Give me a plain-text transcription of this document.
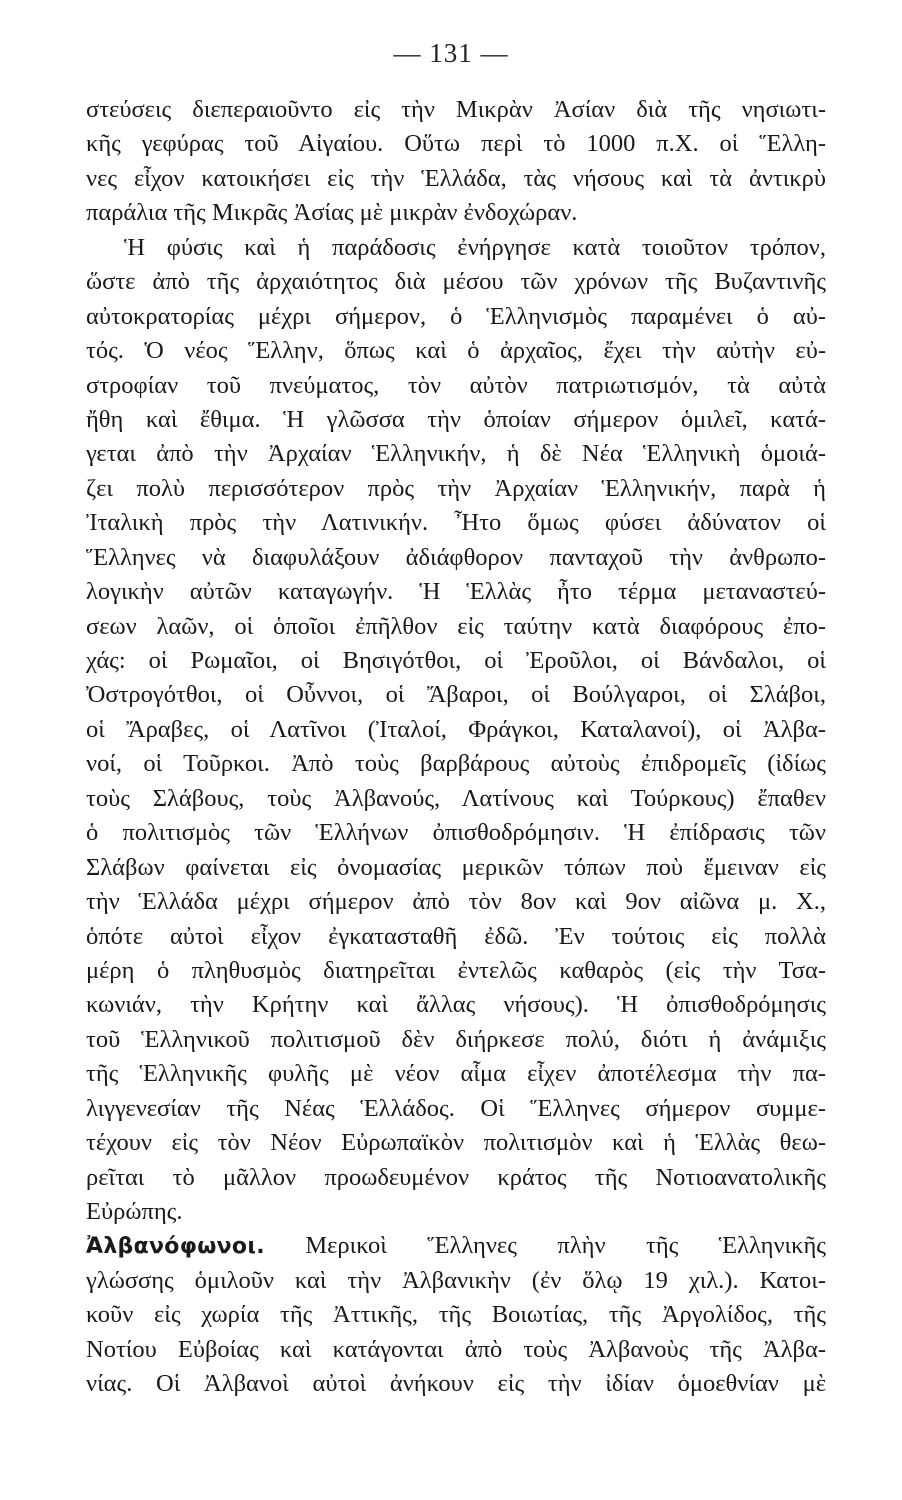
— 131 —
στεύσεις διεπεραιοῦντο εἰς τὴν Μικρὰν Ἀσίαν διὰ τῆς νησιωτι-
κῆς γεφύρας τοῦ Αἰγαίου. Οὕτω περὶ τὸ 1000 π.Χ. οἱ Ἕλλη-
νες εἶχον κατοικήσει εἰς τὴν Ἑλλάδα, τὰς νήσους καὶ τὰ ἀντικρὺ
παράλια τῆς Μικρᾶς Ἀσίας μὲ μικρὰν ἐνδοχώραν.
Ἡ φύσις καὶ ἡ παράδοσις ἐνήργησε κατὰ τοιοῦτον τρόπον,
ὥστε ἀπὸ τῆς ἀρχαιότητος διὰ μέσου τῶν χρόνων τῆς Βυζαντινῆς
αὐτοκρατορίας μέχρι σήμερον, ὁ Ἑλληνισμὸς παραμένει ὁ αὐ-
τός. Ὁ νέος Ἕλλην, ὅπως καὶ ὁ ἀρχαῖος, ἔχει τὴν αὐτὴν εὐ-
στροφίαν τοῦ πνεύματος, τὸν αὐτὸν πατριωτισμόν, τὰ αὐτὰ
ἤθη καὶ ἔθιμα. Ἡ γλῶσσα τὴν ὁποίαν σήμερον ὁμιλεῖ, κατά-
γεται ἀπὸ τὴν Ἀρχαίαν Ἑλληνικήν, ἡ δὲ Νέα Ἑλληνικὴ ὁμοιά-
ζει πολὺ περισσότερον πρὸς τὴν Ἀρχαίαν Ἑλληνικήν, παρὰ ἡ
Ἰταλικὴ πρὸς τὴν Λατινικήν. Ἦτο ὅμως φύσει ἀδύνατον οἱ
Ἕλληνες νὰ διαφυλάξουν ἀδιάφθορον πανταχοῦ τὴν ἀνθρωπο-
λογικὴν αὐτῶν καταγωγήν. Ἡ Ἑλλὰς ἦτο τέρμα μεταναστεύ-
σεων λαῶν, οἱ ὁποῖοι ἐπῆλθον εἰς ταύτην κατὰ διαφόρους ἐπο-
χάς: οἱ Ρωμαῖοι, οἱ Βησιγότθοι, οἱ Ἐροῦλοι, οἱ Βάνδαλοι, οἱ
Ὀστρογότθοι, οἱ Οὖννοι, οἱ Ἄβαροι, οἱ Βούλγαροι, οἱ Σλάβοι,
οἱ Ἄραβες, οἱ Λατῖνοι (Ἰταλοί, Φράγκοι, Καταλανοί), οἱ Ἀλβα-
νοί, οἱ Τοῦρκοι. Ἀπὸ τοὺς βαρβάρους αὐτοὺς ἐπιδρομεῖς (ἰδίως
τοὺς Σλάβους, τοὺς Ἀλβανούς, Λατίνους καὶ Τούρκους) ἔπαθεν
ὁ πολιτισμὸς τῶν Ἑλλήνων ὀπισθοδρόμησιν. Ἡ ἐπίδρασις τῶν
Σλάβων φαίνεται εἰς ὀνομασίας μερικῶν τόπων ποὺ ἔμειναν εἰς
τὴν Ἑλλάδα μέχρι σήμερον ἀπὸ τὸν 8ον καὶ 9ον αἰῶνα μ. Χ.,
ὁπότε αὐτοὶ εἶχον ἐγκατασταθῆ ἐδῶ. Ἐν τούτοις εἰς πολλὰ
μέρη ὁ πληθυσμὸς διατηρεῖται ἐντελῶς καθαρὸς (εἰς τὴν Τσα-
κωνιάν, τὴν Κρήτην καὶ ἄλλας νήσους). Ἡ ὀπισθοδρόμησις
τοῦ Ἑλληνικοῦ πολιτισμοῦ δὲν διήρκεσε πολύ, διότι ἡ ἀνάμιξις
τῆς Ἑλληνικῆς φυλῆς μὲ νέον αἷμα εἶχεν ἀποτέλεσμα τὴν πα-
λιγγενεσίαν τῆς Νέας Ἑλλάδος. Οἱ Ἕλληνες σήμερον συμμε-
τέχουν εἰς τὸν Νέον Εὐρωπαϊκὸν πολιτισμὸν καὶ ἡ Ἑλλὰς θεω-
ρεῖται τὸ μᾶλλον προωδευμένον κράτος τῆς Νοτιοανατολικῆς
Εὐρώπης.
Ἀλβανόφωνοι. Μερικοὶ Ἕλληνες πλὴν τῆς Ἑλληνικῆς
γλώσσης ὁμιλοῦν καὶ τὴν Ἀλβανικὴν (ἐν ὅλῳ 19 χιλ.). Κατοι-
κοῦν εἰς χωρία τῆς Ἀττικῆς, τῆς Βοιωτίας, τῆς Ἀργολίδος, τῆς
Νοτίου Εὐβοίας καὶ κατάγονται ἀπὸ τοὺς Ἀλβανοὺς τῆς Ἀλβα-
νίας. Οἱ Ἀλβανοὶ αὐτοὶ ἀνήκουν εἰς τὴν ἰδίαν ὁμοεθνίαν μὲ
